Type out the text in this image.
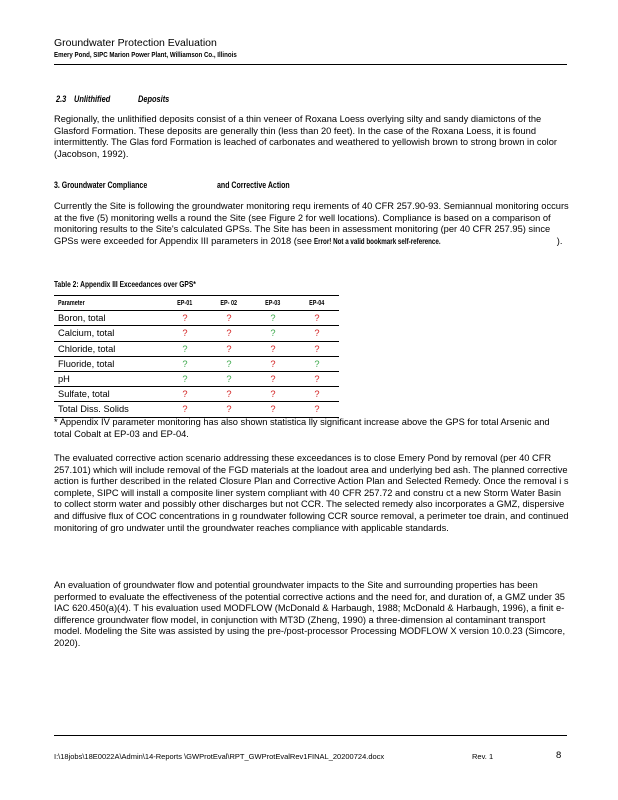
Groundwater Protection Evaluation
Emery Pond, SIPC Marion Power Plant, Williamson Co., Illinois
2.3 Unlithified	Deposits

Regionally, the unlithified deposits consist of a thin veneer of Roxana Loess overlying silty and sandy diamictons of the Glasford Formation. These deposits are generally thin (less than 20 feet). In the case of the Roxana Loess, it is found intermittently. The Glas ford Formation is leached of carbonates and weathered to yellowish brown to strong brown in color (Jacobson, 1992).

3. Groundwater Compliance	and Corrective Action

Currently the Site is following the groundwater monitoring requ irements of 40 CFR 257.90-93. Semiannual monitoring occurs at the five (5) monitoring wells a round the Site (see Figure 2 for well locations). Compliance is based on a comparison of monitoring results to the Site's calculated GPSs. The Site has been in assessment monitoring (per 40 CFR 257.95) since GPSs were exceeded for Appendix III parameters in 2018 (see Error! Not a valid bookmark self-reference.	).

Table 2: Appendix III Exceedances over GPS*
Parameter	EP-01	EP- 02	EP-03	EP-04
Boron, total	?	?	?	?
Calcium, total	?	?	?	?
Chloride, total	?	?	?	?
Fluoride, total	?	?	?	?
pH	?	?	?	?
Sulfate, total	?	?	?	?
Total Diss. Solids	?	?	?	?

* Appendix IV parameter monitoring has also shown statistica lly significant increase above the GPS for total Arsenic and total Cobalt at EP-03 and EP-04.

The evaluated corrective action scenario addressing these exceedances is to close Emery Pond by removal (per 40 CFR 257.101) which will include removal of the FGD materials at the loadout area and underlying bed ash. The planned corrective action is further described in the related Closure Plan and Corrective Action Plan and Selected Remedy. Once the removal i s complete, SIPC will install a composite liner system compliant with 40 CFR 257.72 and constru ct a new Storm Water Basin to collect storm water and possibly other discharges but not CCR. The selected remedy also incorporates a GMZ, dispersive and diffusive flux of COC concentrations in g roundwater following CCR source removal, a perimeter toe drain, and continued monitoring of gro undwater until the groundwater reaches compliance with applicable standards.

An evaluation of groundwater flow and potential groundwater impacts to the Site and surrounding properties has been performed to evaluate the effectiveness of the potential corrective actions and the need for, and duration of, a GMZ under 35 IAC 620.450(a)(4). T his evaluation used MODFLOW (McDonald & Harbaugh, 1988; McDonald & Harbaugh, 1996), a finit e-difference groundwater flow model, in conjunction with MT3D (Zheng, 1990) a three-dimension al contaminant transport model. Modeling the Site was assisted by using the pre-/post-processor Processing MODFLOW X version 10.0.23 (Simcore, 2020).

I:\18jobs\18E0022A\Admin\14-Reports \GWProtEval\RPT_GWProtEvalRev1FINAL_20200724.docx	Rev. 1	8
